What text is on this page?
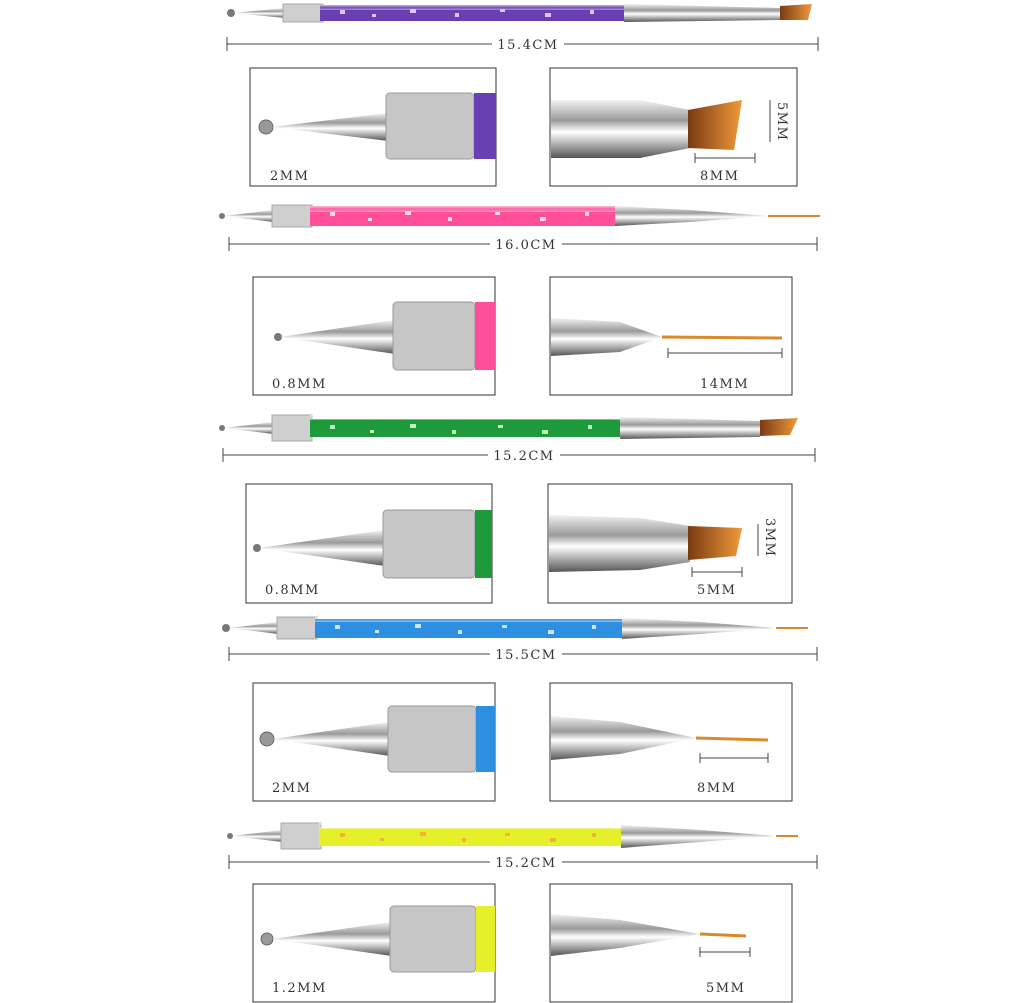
15.4CM
2MM	8MM
5MM
16.0CM
0.8MM	14MM
15.2CM
0.8MM	5MM
3MM
15.5CM
2MM	8MM
15.2CM
1.2MM	5MM
